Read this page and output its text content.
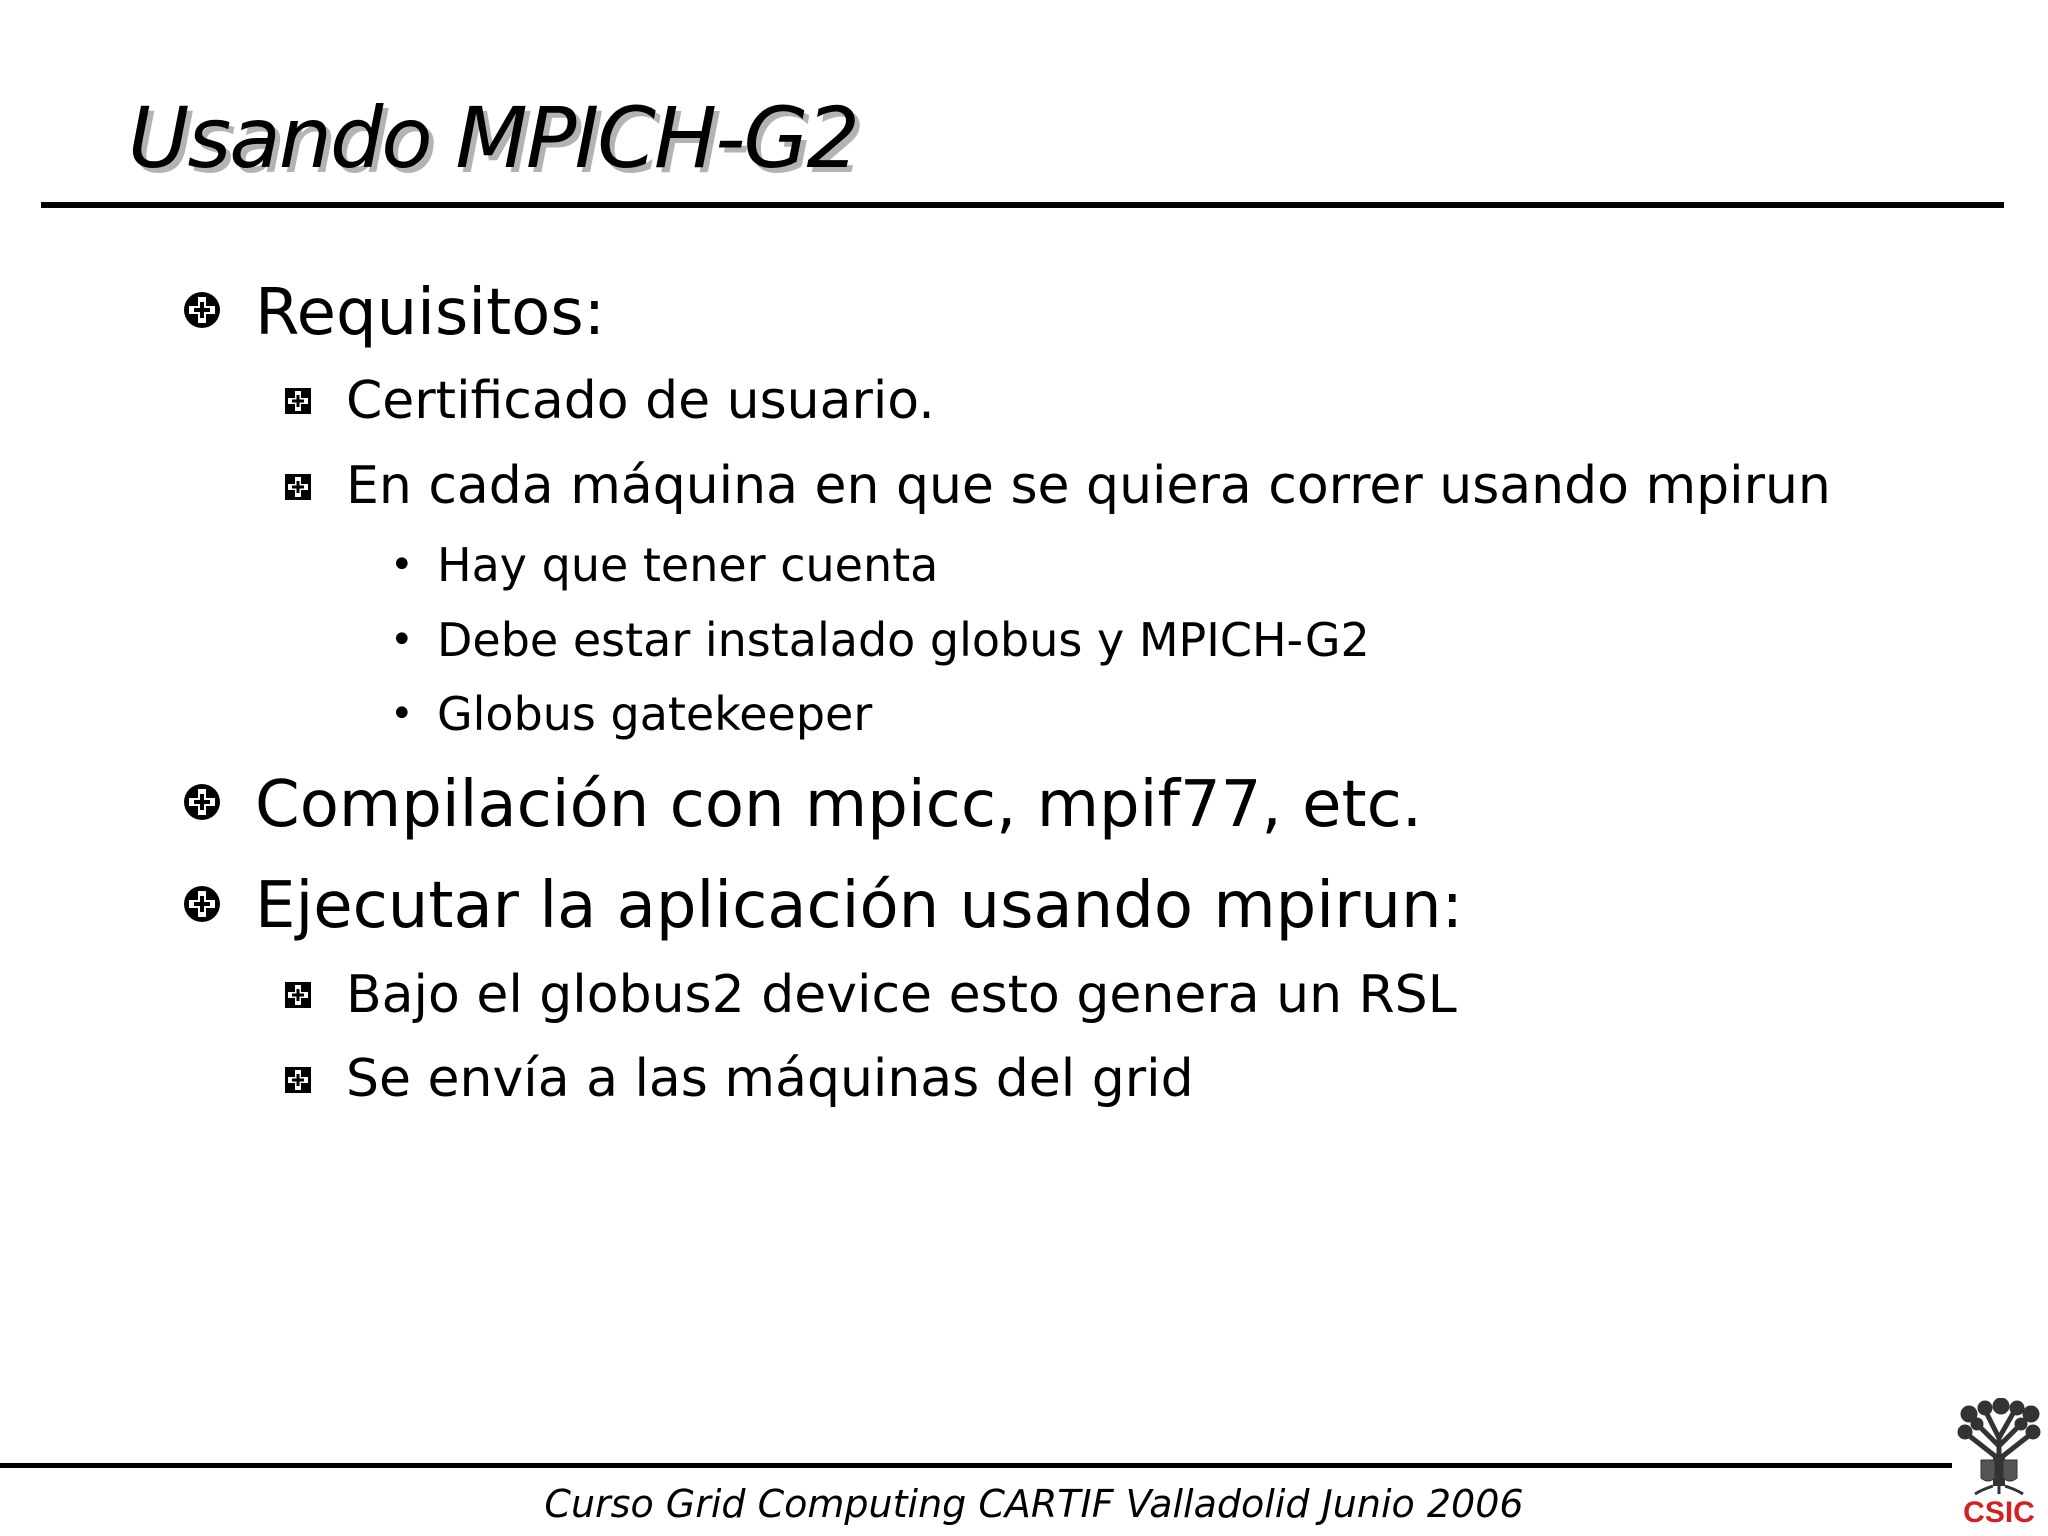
Usando MPICH-G2
Requisitos:
Certificado de usuario.
En cada máquina en que se quiera correr usando mpirun
• Hay que tener cuenta
• Debe estar instalado globus y MPICH-G2
• Globus gatekeeper
Compilación con mpicc, mpif77, etc.
Ejecutar la aplicación usando mpirun:
Bajo el globus2 device esto genera un RSL
Se envía a las máquinas del grid
Curso Grid Computing CARTIF Valladolid Junio 2006	CSIC
